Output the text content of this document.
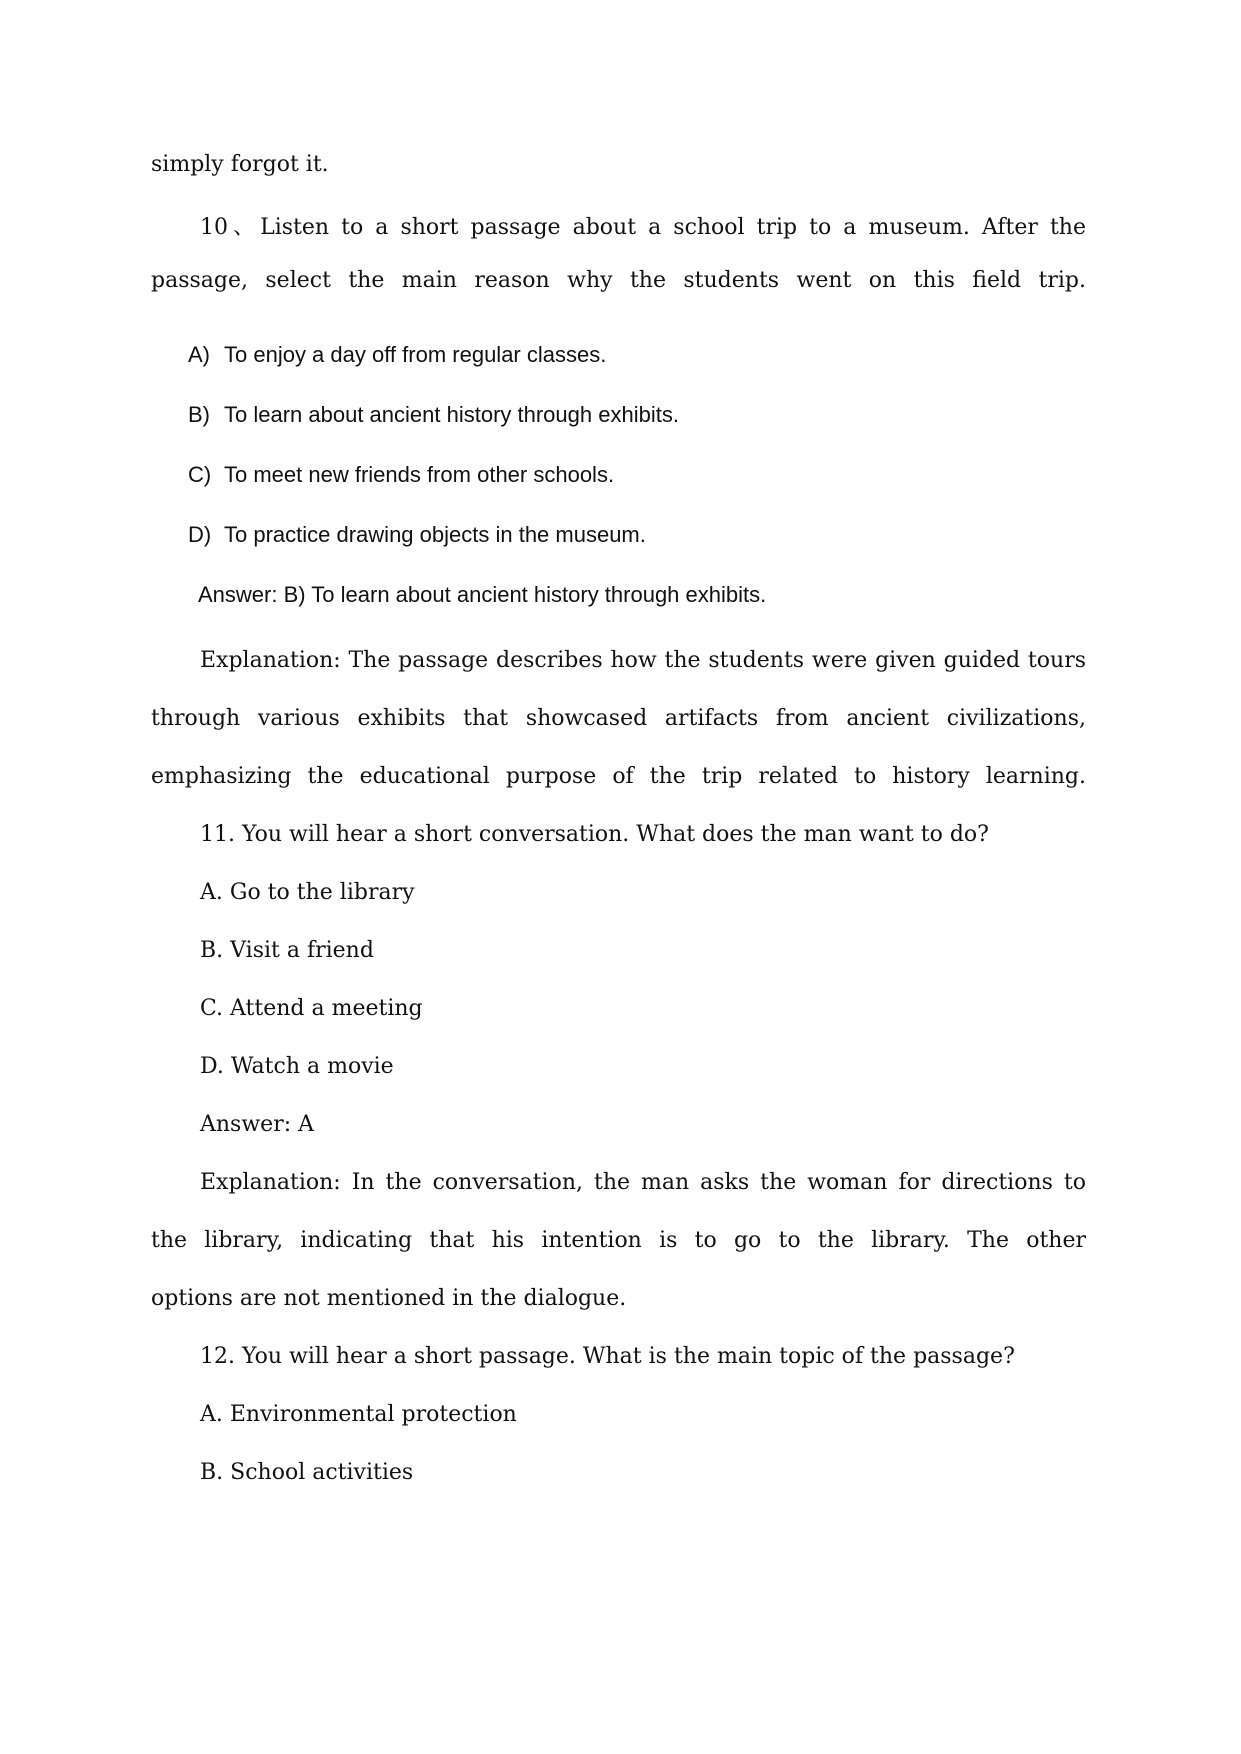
simply forgot it.
10、Listen to a short passage about a school trip to a museum. After the
passage, select the main reason why the students went on this field trip.
A) To enjoy a day off from regular classes.
B) To learn about ancient history through exhibits.
C) To meet new friends from other schools.
D) To practice drawing objects in the museum.
Answer: B) To learn about ancient history through exhibits.
Explanation: The passage describes how the students were given guided tours
through various exhibits that showcased artifacts from ancient civilizations,
emphasizing the educational purpose of the trip related to history learning.
11. You will hear a short conversation. What does the man want to do?
A. Go to the library
B. Visit a friend
C. Attend a meeting
D. Watch a movie
Answer: A
Explanation: In the conversation, the man asks the woman for directions to
the library, indicating that his intention is to go to the library. The other
options are not mentioned in the dialogue.
12. You will hear a short passage. What is the main topic of the passage?
A. Environmental protection
B. School activities
